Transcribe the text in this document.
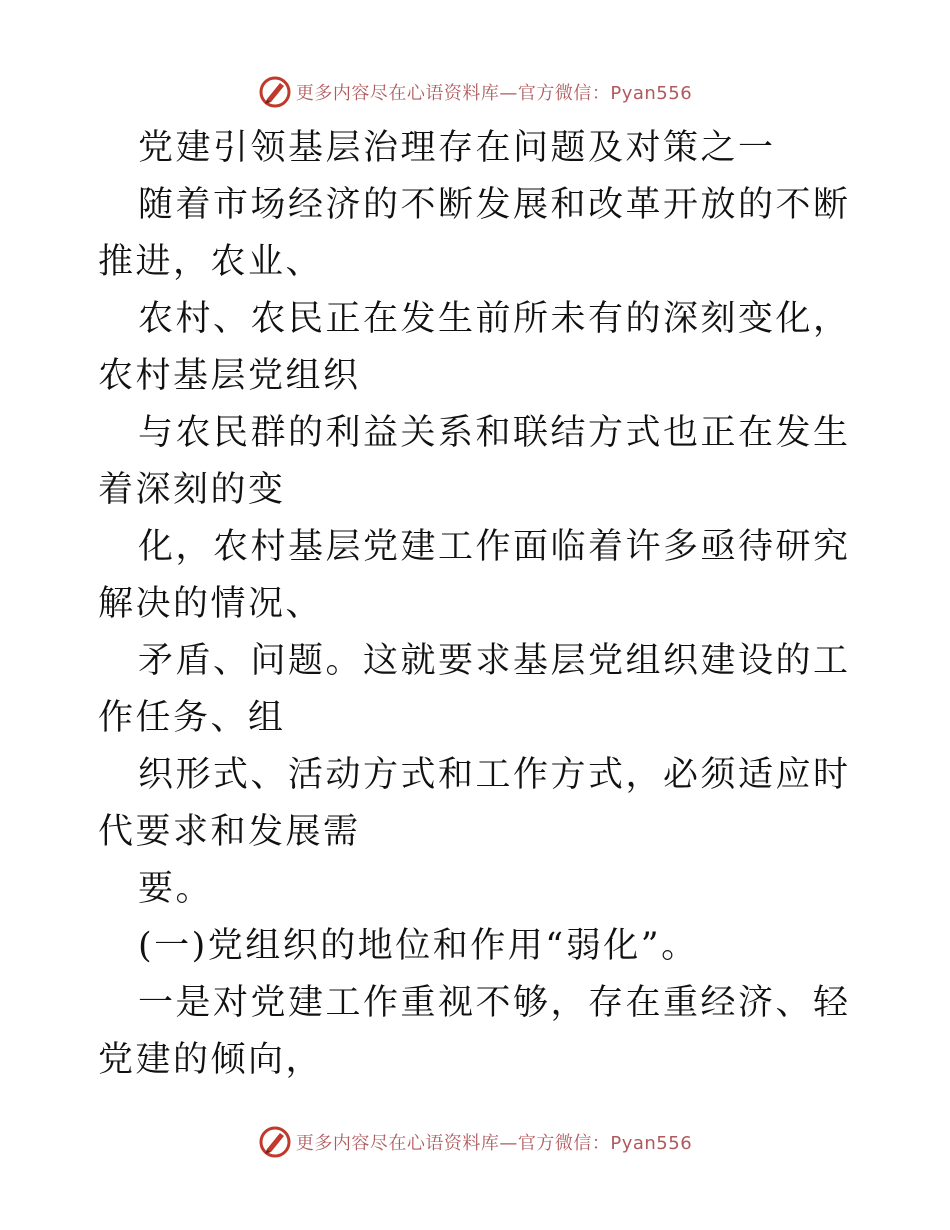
更多内容尽在心语资料库—官方微信：Pyan556

党建引领基层治理存在问题及对策之一

随着市场经济的不断发展和改革开放的不断推进，农业、

农村、农民正在发生前所未有的深刻变化，农村基层党组织

与农民群的利益关系和联结方式也正在发生着深刻的变

化，农村基层党建工作面临着许多亟待研究解决的情况、

矛盾、问题。这就要求基层党组织建设的工作任务、组

织形式、活动方式和工作方式，必须适应时代要求和发展需

要。

(一)党组织的地位和作用“弱化”。

一是对党建工作重视不够，存在重经济、轻党建的倾向，

更多内容尽在心语资料库—官方微信：Pyan556
